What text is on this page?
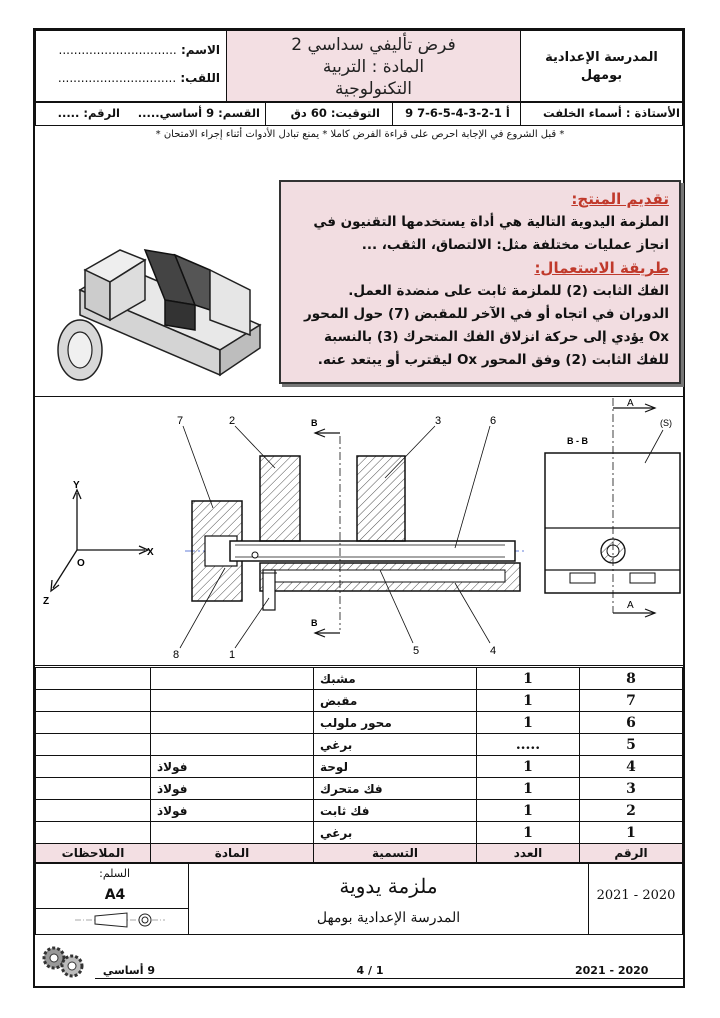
المدرسة الإعدادية
بومهل
فرض تأليفي سداسي 2
المادة : التربية
التكنولوجية
الاسم: ...............................
اللقب: ...............................
الأستاذة : أسماء الخلفت
9 أ 1-2-3-4-5-6-7
التوقيت: 60 دق
القسم: 9 أساسي.....
الرقم: .....
* قبل الشروع في الإجابة احرص على قراءة الفرض كاملا * يمنع تبادل الأدوات أثناء إجراء الامتحان *
تقديم المنتج:

الملزمة اليدوية التالية هي أداة يستخدمها التقنيون في انجاز عمليات مختلفة مثل: الالتصاق، الثقب، ...

طريقة الاستعمال:

الفك الثابت (2) للملزمة ثابت على منضدة العمل.

الدوران في اتجاه أو في الآخر للمقبض (7) حول المحور Ox يؤدي إلى حركة انزلاق الفك المتحرك (3) بالنسبة للفك الثابت (2) وفق المحور Ox ليقترب أو يبتعد عنه.

Y
X
Z
O
B
B
7	2	3	6
8	1	5	4
B - B
(S)
A
A
8	1	مشبك		
7	1	مقبض		
6	1	محور ملولب		
5	.....	برغي		
4	1	لوحة	فولاذ	
3	1	فك متحرك	فولاذ	
2	1	فك ثابت	فولاذ	
1	1	برغي		
الرقم	العدد	التسمية	المادة	الملاحظات
السلم:
A4	ملزمة يدوية
المدرسة الإعدادية بومهل
2021 - 2020
9 أساسي	4 / 1	2021 - 2020
